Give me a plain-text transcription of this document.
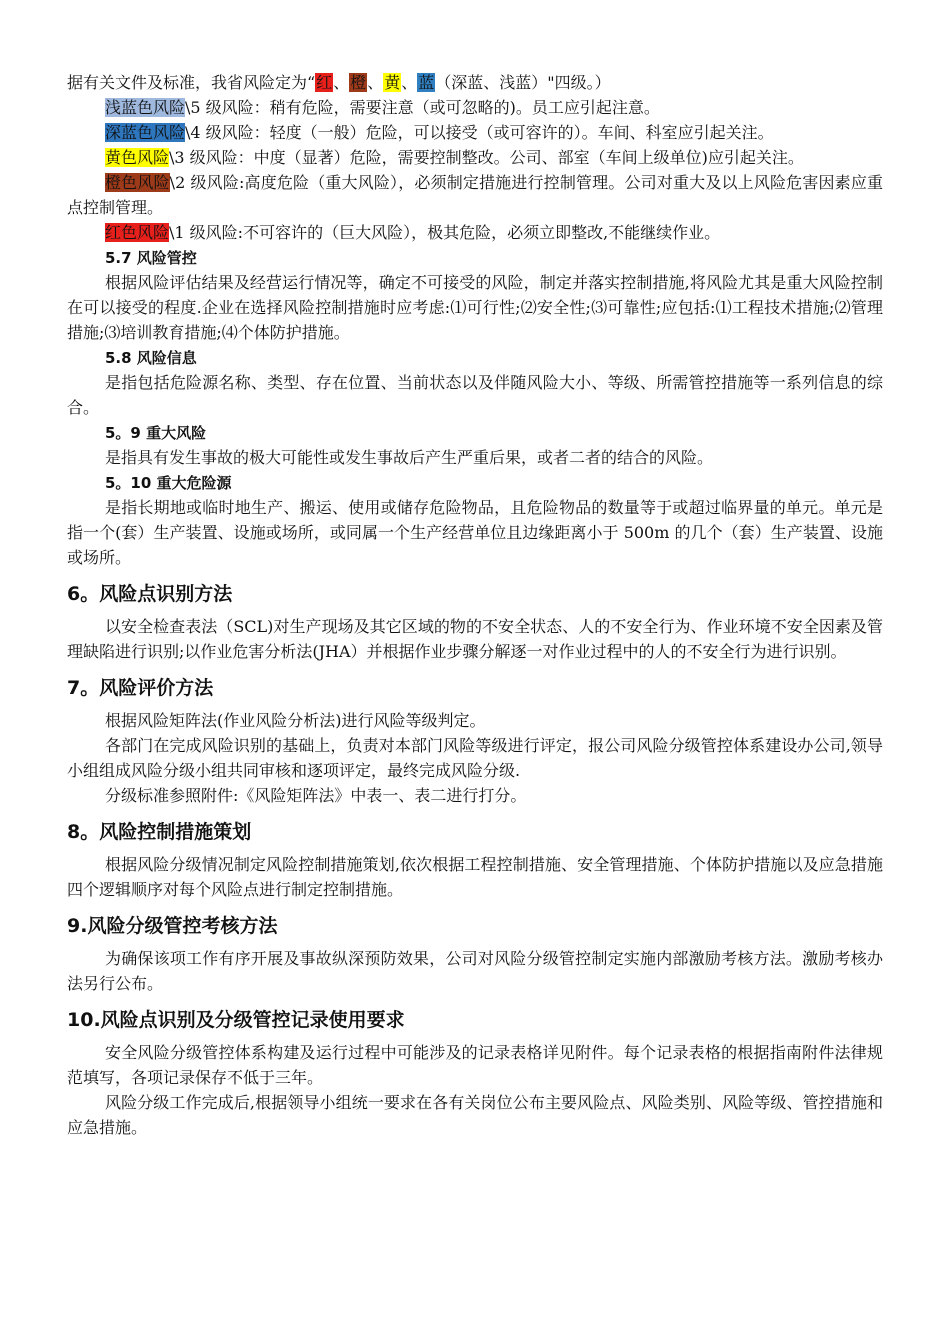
据有关文件及标准，我省风险定为“红、橙、黄、蓝（深蓝、浅蓝）"四级。）

浅蓝色风险\5 级风险：稍有危险，需要注意（或可忽略的)。员工应引起注意。

深蓝色风险\4 级风险：轻度（一般）危险，可以接受（或可容许的）。车间、科室应引起关注。

黄色风险\3 级风险：中度（显著）危险，需要控制整改。公司、部室（车间上级单位)应引起关注。

橙色风险\2 级风险:高度危险（重大风险），必须制定措施进行控制管理。公司对重大及以上风险危害因素应重点控制管理。

红色风险\1 级风险:不可容许的（巨大风险），极其危险，必须立即整改,不能继续作业。

5.7 风险管控

根据风险评估结果及经营运行情况等，确定不可接受的风险，制定并落实控制措施,将风险尤其是重大风险控制在可以接受的程度.企业在选择风险控制措施时应考虑:⑴可行性;⑵安全性;⑶可靠性;应包括:⑴工程技术措施;⑵管理措施;⑶培训教育措施;⑷个体防护措施。

5.8 风险信息

是指包括危险源名称、类型、存在位置、当前状态以及伴随风险大小、等级、所需管控措施等一系列信息的综合。

5。9 重大风险

是指具有发生事故的极大可能性或发生事故后产生严重后果，或者二者的结合的风险。

5。10 重大危险源

是指长期地或临时地生产、搬运、使用或储存危险物品，且危险物品的数量等于或超过临界量的单元。单元是指一个(套）生产装置、设施或场所，或同属一个生产经营单位且边缘距离小于 500m 的几个（套）生产装置、设施或场所。

6。风险点识别方法

以安全检查表法（SCL)对生产现场及其它区域的物的不安全状态、人的不安全行为、作业环境不安全因素及管理缺陷进行识别;以作业危害分析法(JHA）并根据作业步骤分解逐一对作业过程中的人的不安全行为进行识别。

7。风险评价方法

根据风险矩阵法(作业风险分析法)进行风险等级判定。

各部门在完成风险识别的基础上，负责对本部门风险等级进行评定，报公司风险分级管控体系建设办公司,领导小组组成风险分级小组共同审核和逐项评定，最终完成风险分级.

分级标准参照附件:《风险矩阵法》中表一、表二进行打分。

8。风险控制措施策划

根据风险分级情况制定风险控制措施策划,依次根据工程控制措施、安全管理措施、个体防护措施以及应急措施四个逻辑顺序对每个风险点进行制定控制措施。

9.风险分级管控考核方法

为确保该项工作有序开展及事故纵深预防效果，公司对风险分级管控制定实施内部激励考核方法。激励考核办法另行公布。

10.风险点识别及分级管控记录使用要求

安全风险分级管控体系构建及运行过程中可能涉及的记录表格详见附件。每个记录表格的根据指南附件法律规范填写，各项记录保存不低于三年。

风险分级工作完成后,根据领导小组统一要求在各有关岗位公布主要风险点、风险类别、风险等级、管控措施和应急措施。
